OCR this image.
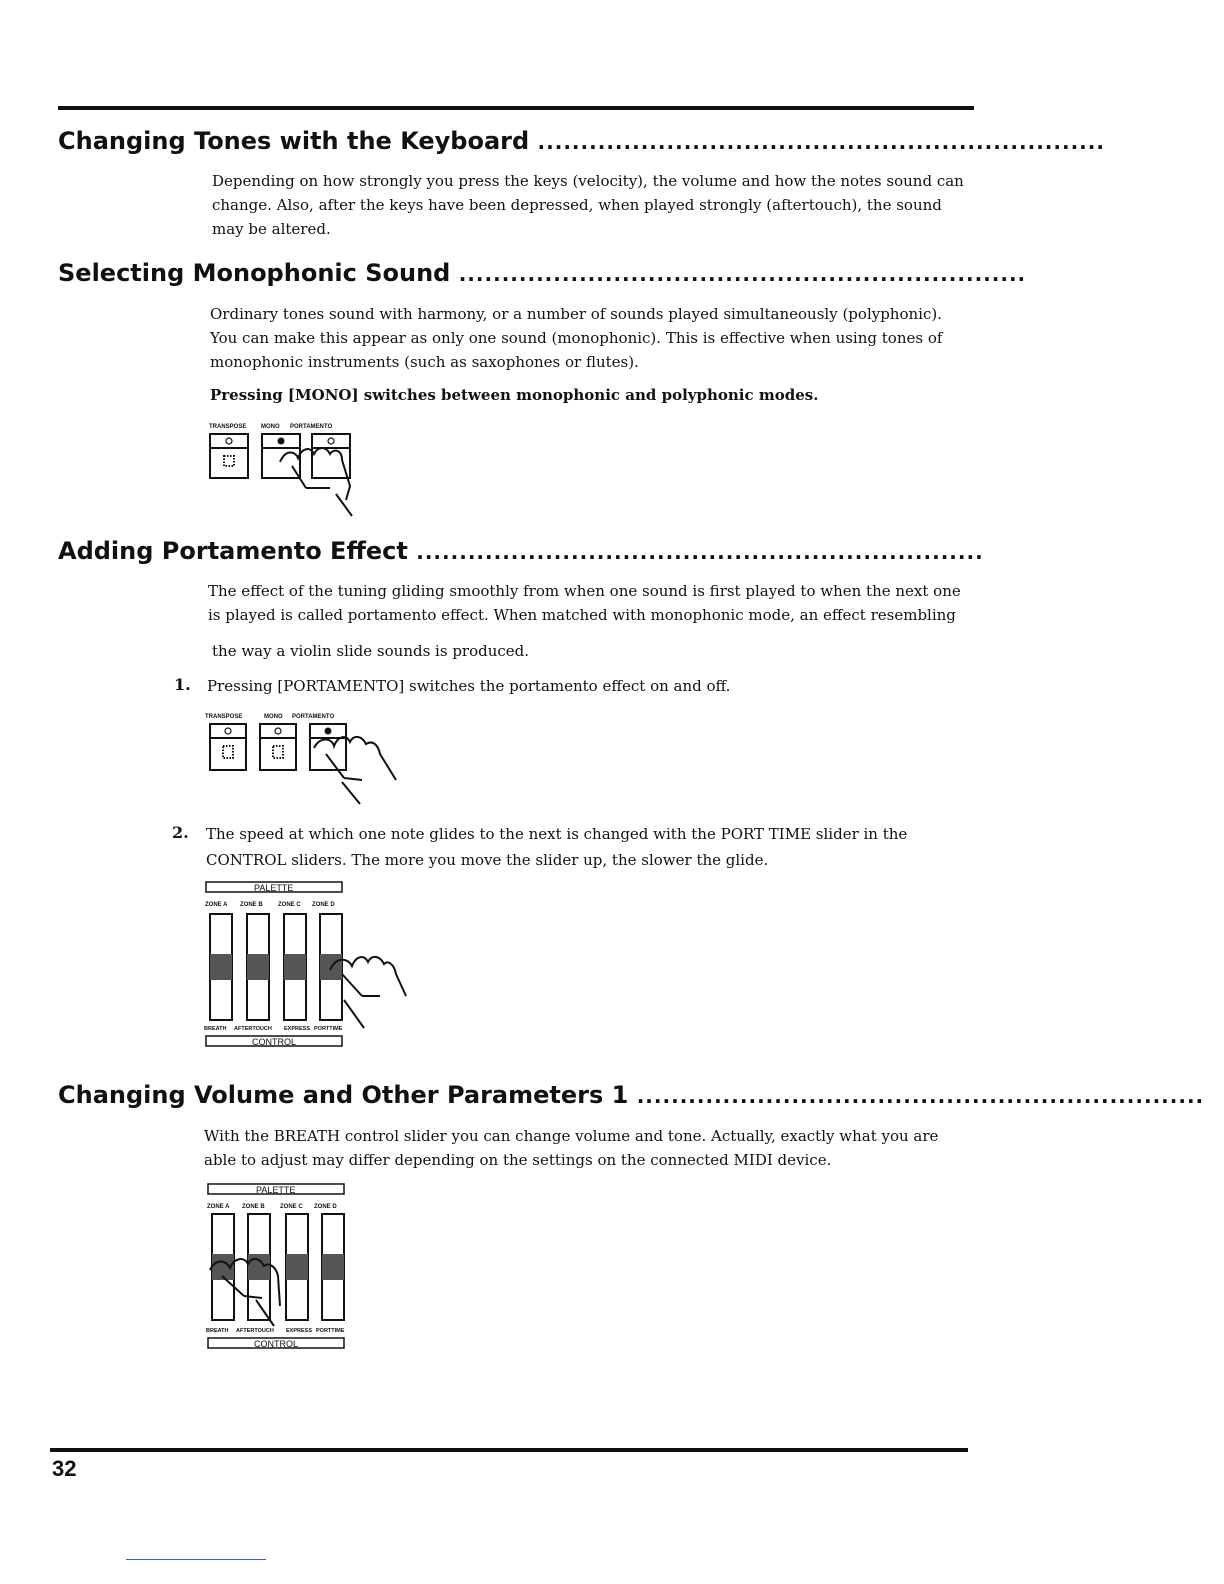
Changing Tones with the Keyboard ..................................................................

Depending on how strongly you press the keys (velocity), the volume and how the notes sound can change. Also, after the keys have been depressed, when played strongly (aftertouch), the sound may be altered.

Selecting Monophonic Sound ..................................................................

Ordinary tones sound with harmony, or a number of sounds played simultaneously (polyphonic). You can make this appear as only one sound (monophonic). This is effective when using tones of monophonic instruments (such as saxophones or flutes).

Pressing [MONO] switches between monophonic and polyphonic modes.

TRANSPOSE MONO PORTAMENTO
Adding Portamento Effect ..................................................................

The effect of the tuning gliding smoothly from when one sound is first played to when the next one is played is called portamento effect. When matched with monophonic mode, an effect resembling

the way a violin slide sounds is produced.

1. Pressing [PORTAMENTO] switches the portamento effect on and off.

TRANSPOSE	MONO PORTAMENTO
2. The speed at which one note glides to the next is changed with the PORT TIME slider in the CONTROL sliders. The more you move the slider up, the slower the glide.

PALETTE
ZONE A ZONE B	ZONE C ZONE D
BREATH AFTERTOUCH EXPRESS PORTTIME
CONTROL
Changing Volume and Other Parameters 1 ..................................................................

With the BREATH control slider you can change volume and tone. Actually, exactly what you are able to adjust may differ depending on the settings on the connected MIDI device.

PALETTE
ZONE A ZONE B	ZONE C ZONE D
BREATH AFTERTOUCH EXPRESS PORTTIME
CONTROL
32
